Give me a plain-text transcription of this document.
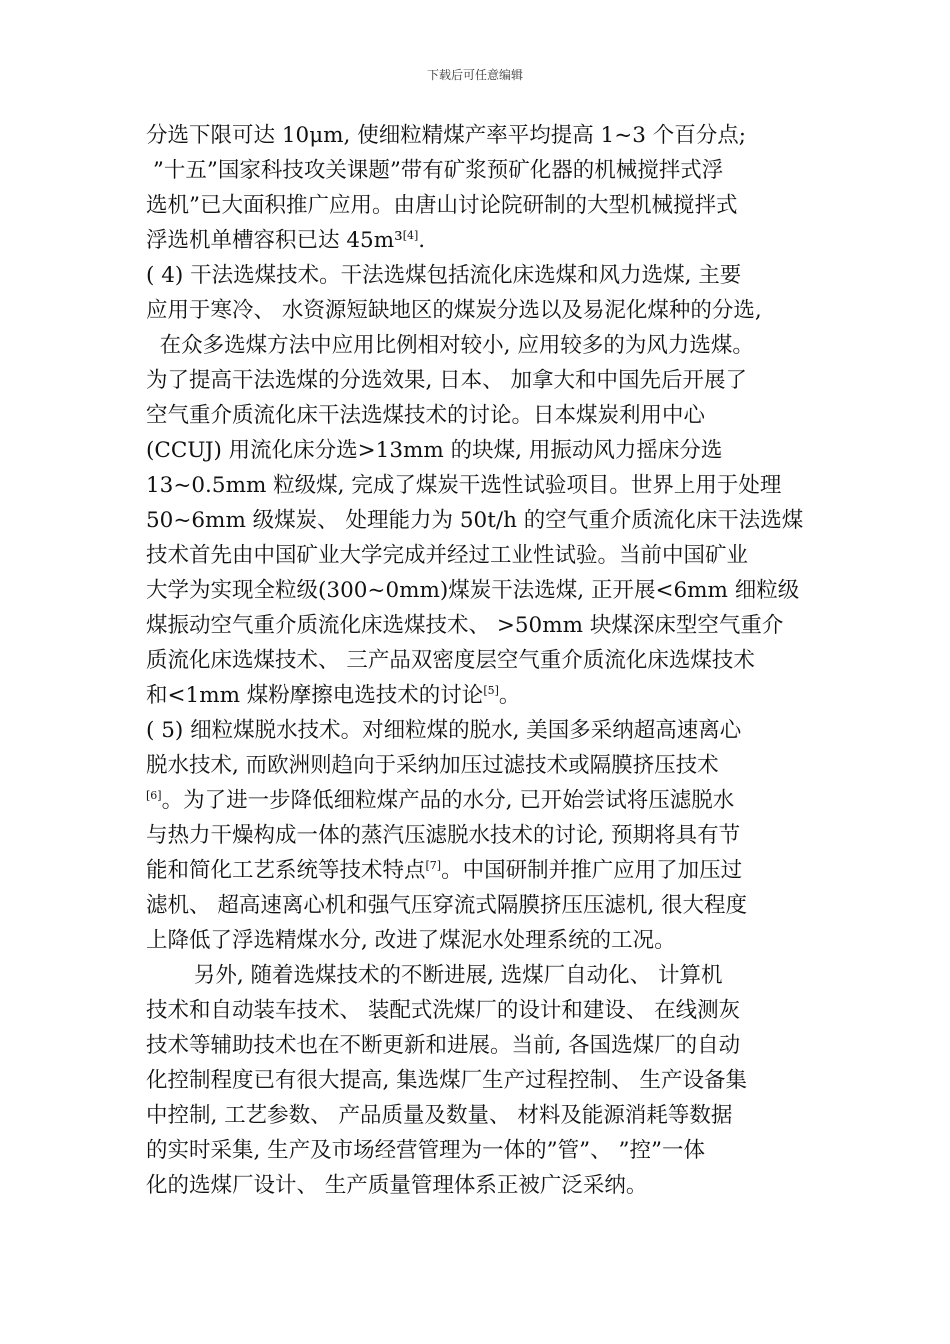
下载后可任意编辑
分选下限可达 10μm, 使细粒精煤产率平均提高 1~3 个百分点;
”十五”国家科技攻关课题”带有矿浆预矿化器的机械搅拌式浮
选机”已大面积推广应用。由唐山讨论院研制的大型机械搅拌式
浮选机单槽容积已达 45m³[4].
( 4) 干法选煤技术。干法选煤包括流化床选煤和风力选煤, 主要
应用于寒冷、 水资源短缺地区的煤炭分选以及易泥化煤种的分选,
在众多选煤方法中应用比例相对较小, 应用较多的为风力选煤。
为了提高干法选煤的分选效果, 日本、 加拿大和中国先后开展了
空气重介质流化床干法选煤技术的讨论。日本煤炭利用中心
(CCUJ) 用流化床分选>13mm 的块煤, 用振动风力摇床分选
13~0.5mm 粒级煤, 完成了煤炭干选性试验项目。世界上用于处理
50~6mm 级煤炭、 处理能力为 50t/h 的空气重介质流化床干法选煤
技术首先由中国矿业大学完成并经过工业性试验。当前中国矿业
大学为实现全粒级(300~0mm)煤炭干法选煤, 正开展<6mm 细粒级
煤振动空气重介质流化床选煤技术、 >50mm 块煤深床型空气重介
质流化床选煤技术、 三产品双密度层空气重介质流化床选煤技术
和<1mm 煤粉摩擦电选技术的讨论[5]。
( 5) 细粒煤脱水技术。对细粒煤的脱水, 美国多采纳超高速离心
脱水技术, 而欧洲则趋向于采纳加压过滤技术或隔膜挤压技术
[6]。为了进一步降低细粒煤产品的水分, 已开始尝试将压滤脱水
与热力干燥构成一体的蒸汽压滤脱水技术的讨论, 预期将具有节
能和简化工艺系统等技术特点[7]。中国研制并推广应用了加压过
滤机、 超高速离心机和强气压穿流式隔膜挤压压滤机, 很大程度
上降低了浮选精煤水分, 改进了煤泥水处理系统的工况。
另外, 随着选煤技术的不断进展, 选煤厂自动化、 计算机
技术和自动装车技术、 装配式洗煤厂的设计和建设、 在线测灰
技术等辅助技术也在不断更新和进展。当前, 各国选煤厂的自动
化控制程度已有很大提高, 集选煤厂生产过程控制、 生产设备集
中控制, 工艺参数、 产品质量及数量、 材料及能源消耗等数据
的实时采集, 生产及市场经营管理为一体的”管”、 ”控”一体
化的选煤厂设计、 生产质量管理体系正被广泛采纳。
